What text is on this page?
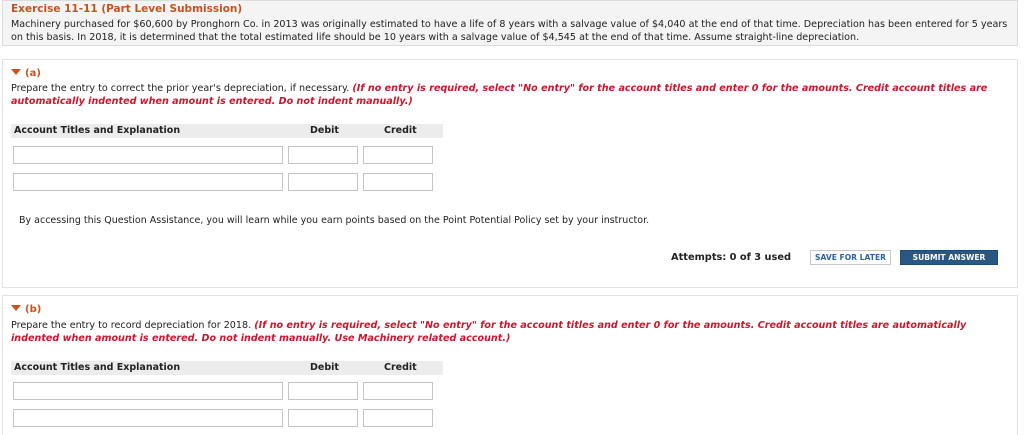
Exercise 11-11 (Part Level Submission)
Machinery purchased for $60,600 by Pronghorn Co. in 2013 was originally estimated to have a life of 8 years with a salvage value of $4,040 at the end of that time. Depreciation has been entered for 5 years on this basis. In 2018, it is determined that the total estimated life should be 10 years with a salvage value of $4,545 at the end of that time. Assume straight-line depreciation.
(a)
Prepare the entry to correct the prior year's depreciation, if necessary. (If no entry is required, select "No entry" for the account titles and enter 0 for the amounts. Credit account titles are automatically indented when amount is entered. Do not indent manually.)
Account Titles and Explanation	Debit	Credit
By accessing this Question Assistance, you will learn while you earn points based on the Point Potential Policy set by your instructor.
Attempts: 0 of 3 used	SAVE FOR LATER	SUBMIT ANSWER
(b)
Prepare the entry to record depreciation for 2018. (If no entry is required, select "No entry" for the account titles and enter 0 for the amounts. Credit account titles are automatically indented when amount is entered. Do not indent manually. Use Machinery related account.)
Account Titles and Explanation	Debit	Credit
